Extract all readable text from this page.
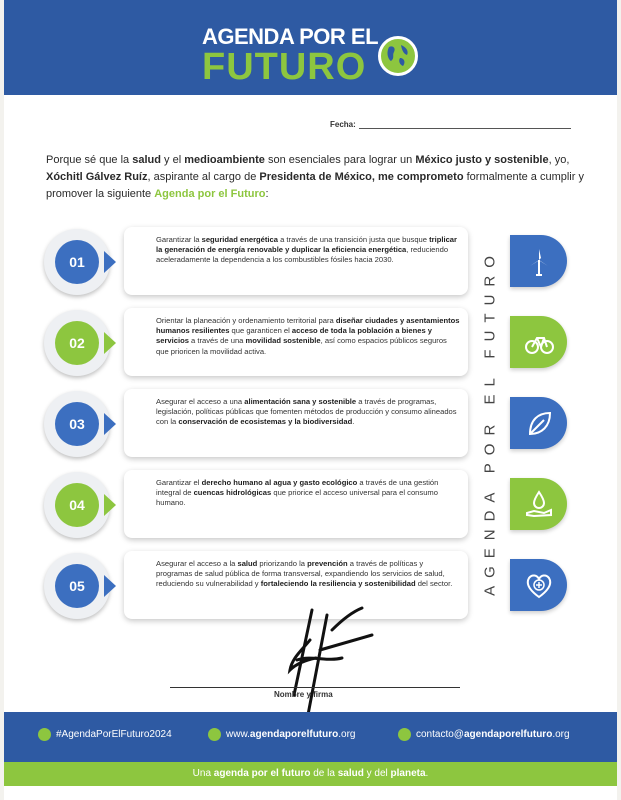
AGENDA POR EL
FUTURO
Fecha:
Porque sé que la salud y el medioambiente son esenciales para lograr un México justo y sostenible, yo, Xóchitl Gálvez Ruíz, aspirante al cargo de Presidenta de México, me comprometo formalmente a cumplir y promover la siguiente Agenda por el Futuro:
01
Garantizar la seguridad energética a través de una transición justa que busque triplicar la generación de energía renovable y duplicar la eficiencia energética, reduciendo aceleradamente la dependencia a los combustibles fósiles hacia 2030.
02
Orientar la planeación y ordenamiento territorial para diseñar ciudades y asentamientos humanos resilientes que garanticen el acceso de toda la población a bienes y servicios a través de una movilidad sostenible, así como espacios públicos seguros que prioricen la movilidad activa.
03
Asegurar el acceso a una alimentación sana y sostenible a través de programas, legislación, políticas públicas que fomenten métodos de producción y consumo alineados con la conservación de ecosistemas y la biodiversidad.
04
Garantizar el derecho humano al agua y gasto ecológico a través de una gestión integral de cuencas hidrológicas que priorice el acceso universal para el consumo humano.
05
Asegurar el acceso a la salud priorizando la prevención a través de políticas y programas de salud pública de forma transversal, expandiendo los servicios de salud, reduciendo su vulnerabilidad y fortaleciendo la resiliencia y sostenibilidad del sector.	AGENDA POR EL FUTURO
Nombre y firma
#AgendaPorElFuturo2024	www.agendaporelfuturo.org	contacto@agendaporelfuturo.org
Una agenda por el futuro de la salud y del planeta.
